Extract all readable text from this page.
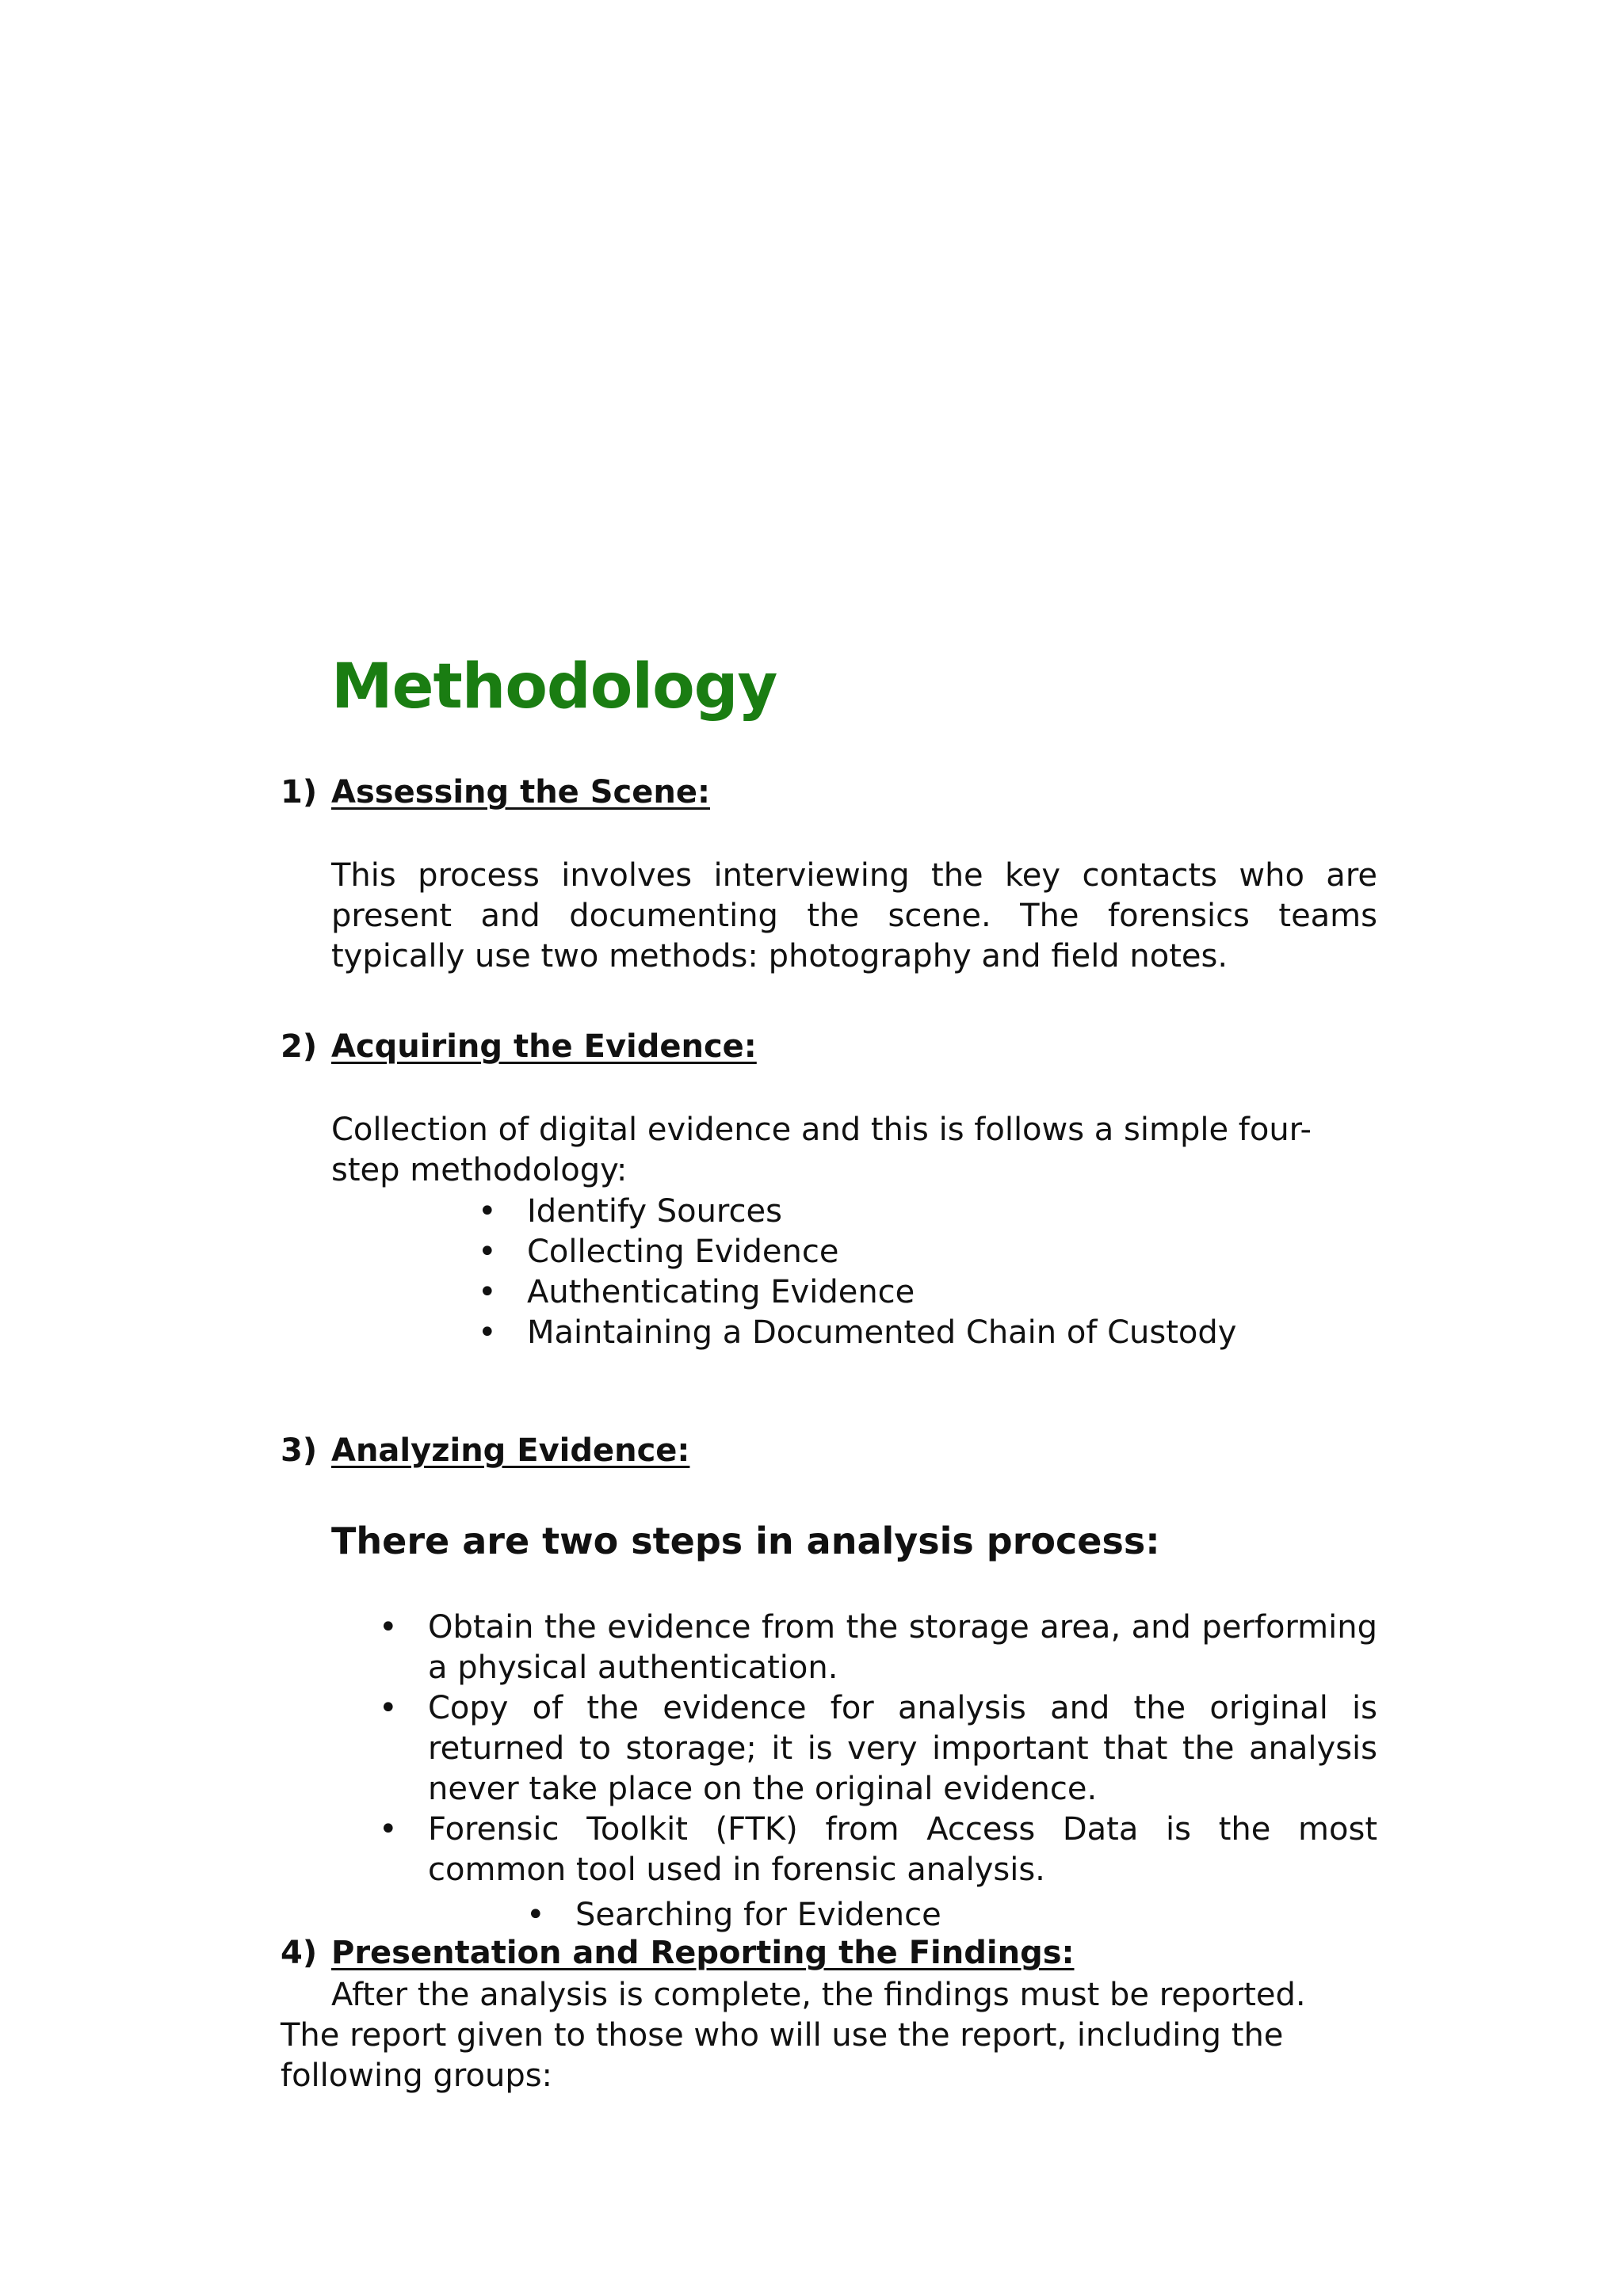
Methodology
1) Assessing the Scene:

This process involves interviewing the key contacts who are present and documenting the scene. The forensics teams typically use two methods: photography and field notes.

2) Acquiring the Evidence:

Collection of digital evidence and this is follows a simple four-step methodology:

• Identify Sources
• Collecting Evidence
• Authenticating Evidence
• Maintaining a Documented Chain of Custody
3) Analyzing Evidence:
There are two steps in analysis process:
• Obtain the evidence from the storage area, and performing a physical authentication.
• Copy of the evidence for analysis and the original is returned to storage; it is very important that the analysis never take place on the original evidence.
• Forensic Toolkit (FTK) from Access Data is the most common tool used in forensic analysis.
• Searching for Evidence
4) Presentation and Reporting the Findings:

After the analysis is complete, the findings must be reported. The report given to those who will use the report, including the following groups:
